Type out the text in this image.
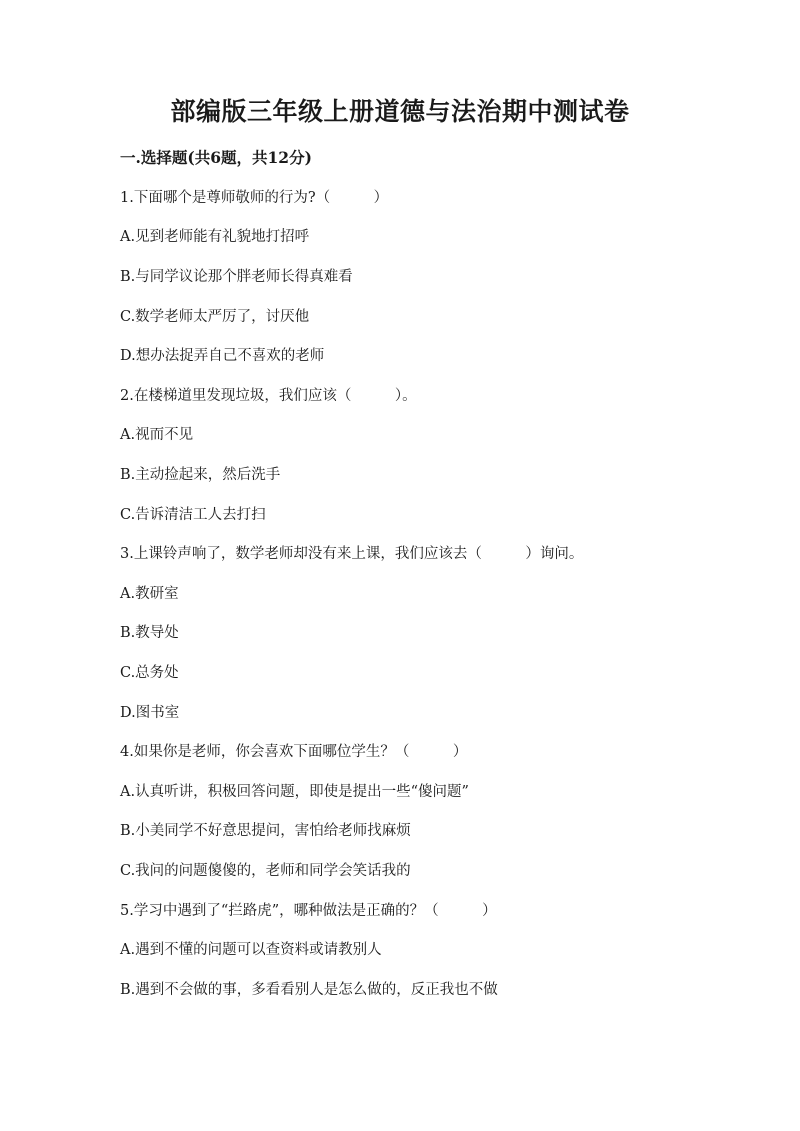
部编版三年级上册道德与法治期中测试卷
一.选择题(共6题，共12分)
1.下面哪个是尊师敬师的行为?（　　　）
A.见到老师能有礼貌地打招呼
B.与同学议论那个胖老师长得真难看
C.数学老师太严厉了，讨厌他
D.想办法捉弄自己不喜欢的老师
2.在楼梯道里发现垃圾，我们应该（　　　）。
A.视而不见
B.主动捡起来，然后洗手
C.告诉清洁工人去打扫
3.上课铃声响了，数学老师却没有来上课，我们应该去（　　　）询问。
A.教研室
B.教导处
C.总务处
D.图书室
4.如果你是老师，你会喜欢下面哪位学生？（　　　）
A.认真听讲，积极回答问题，即使是提出一些“傻问题”
B.小美同学不好意思提问，害怕给老师找麻烦
C.我问的问题傻傻的，老师和同学会笑话我的
5.学习中遇到了“拦路虎”，哪种做法是正确的？（　　　）
A.遇到不懂的问题可以查资料或请教别人
B.遇到不会做的事，多看看别人是怎么做的，反正我也不做
